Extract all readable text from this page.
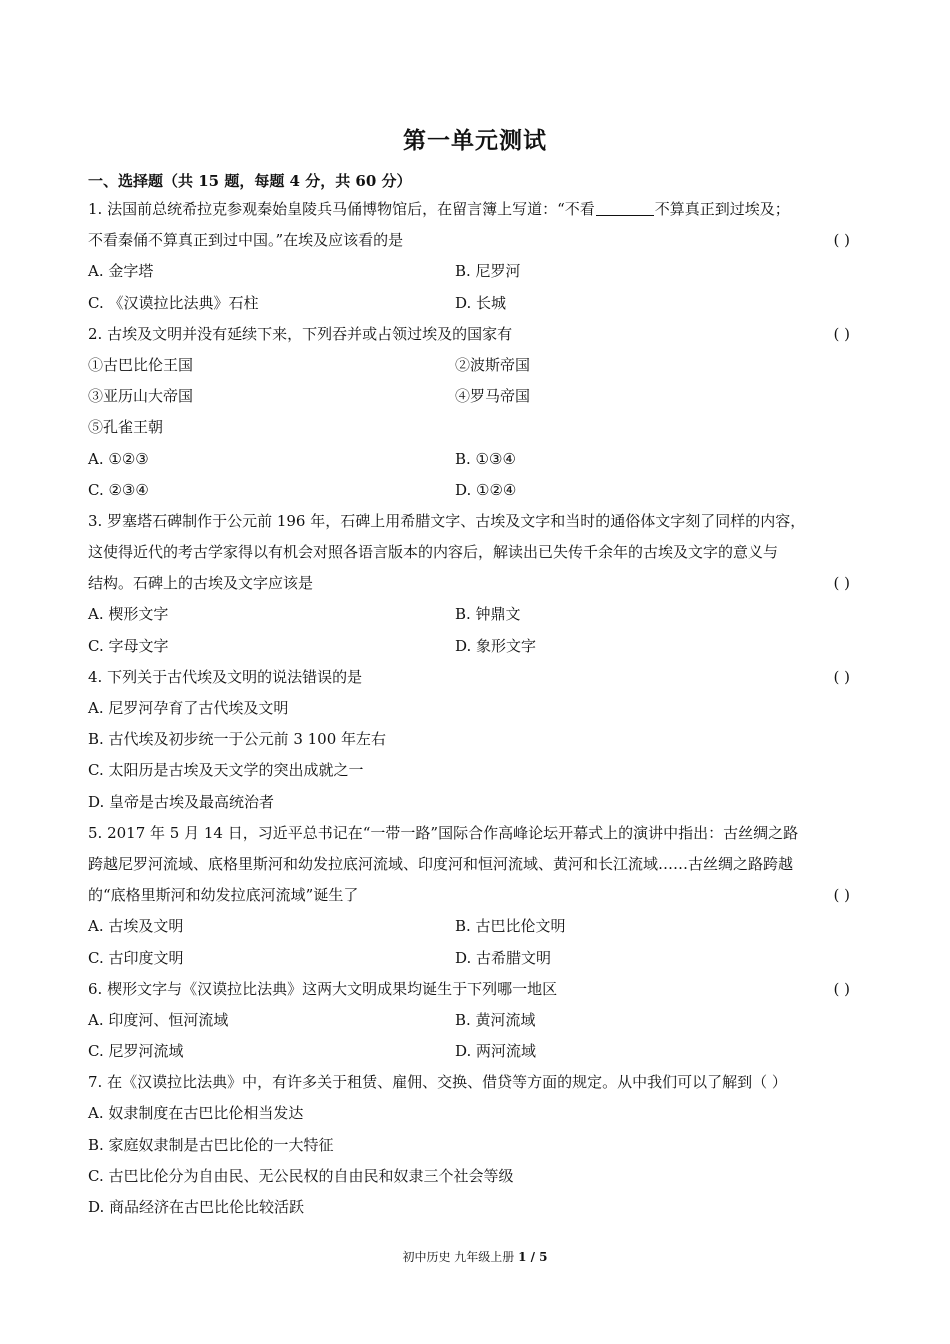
第一单元测试
一、选择题（共 15 题，每题 4 分，共 60 分）
1. 法国前总统希拉克参观秦始皇陵兵马俑博物馆后，在留言簿上写道：“不看	不算真正到过埃及；
不看秦俑不算真正到过中国。”在埃及应该看的是	( )
A. 金字塔	B. 尼罗河
C. 《汉谟拉比法典》石柱	D. 长城
2. 古埃及文明并没有延续下来，下列吞并或占领过埃及的国家有	( )
①古巴比伦王国	②波斯帝国
③亚历山大帝国	④罗马帝国
⑤孔雀王朝
A. ①②③	B. ①③④
C. ②③④	D. ①②④
3. 罗塞塔石碑制作于公元前 196 年，石碑上用希腊文字、古埃及文字和当时的通俗体文字刻了同样的内容，
这使得近代的考古学家得以有机会对照各语言版本的内容后，解读出已失传千余年的古埃及文字的意义与
结构。石碑上的古埃及文字应该是	( )
A. 楔形文字	B. 钟鼎文
C. 字母文字	D. 象形文字
4. 下列关于古代埃及文明的说法错误的是	( )
A. 尼罗河孕育了古代埃及文明
B. 古代埃及初步统一于公元前 3 100 年左右
C. 太阳历是古埃及天文学的突出成就之一
D. 皇帝是古埃及最高统治者
5. 2017 年 5 月 14 日，习近平总书记在“一带一路”国际合作高峰论坛开幕式上的演讲中指出：古丝绸之路
跨越尼罗河流域、底格里斯河和幼发拉底河流域、印度河和恒河流域、黄河和长江流域……古丝绸之路跨越
的“底格里斯河和幼发拉底河流域”诞生了	( )
A. 古埃及文明	B. 古巴比伦文明
C. 古印度文明	D. 古希腊文明
6. 楔形文字与《汉谟拉比法典》这两大文明成果均诞生于下列哪一地区	( )
A. 印度河、恒河流域	B. 黄河流域
C. 尼罗河流域	D. 两河流域
7. 在《汉谟拉比法典》中，有许多关于租赁、雇佣、交换、借贷等方面的规定。从中我们可以了解到（ ）
A. 奴隶制度在古巴比伦相当发达
B. 家庭奴隶制是古巴比伦的一大特征
C. 古巴比伦分为自由民、无公民权的自由民和奴隶三个社会等级
D. 商品经济在古巴比伦比较活跃
初中历史 九年级上册 1 / 5
